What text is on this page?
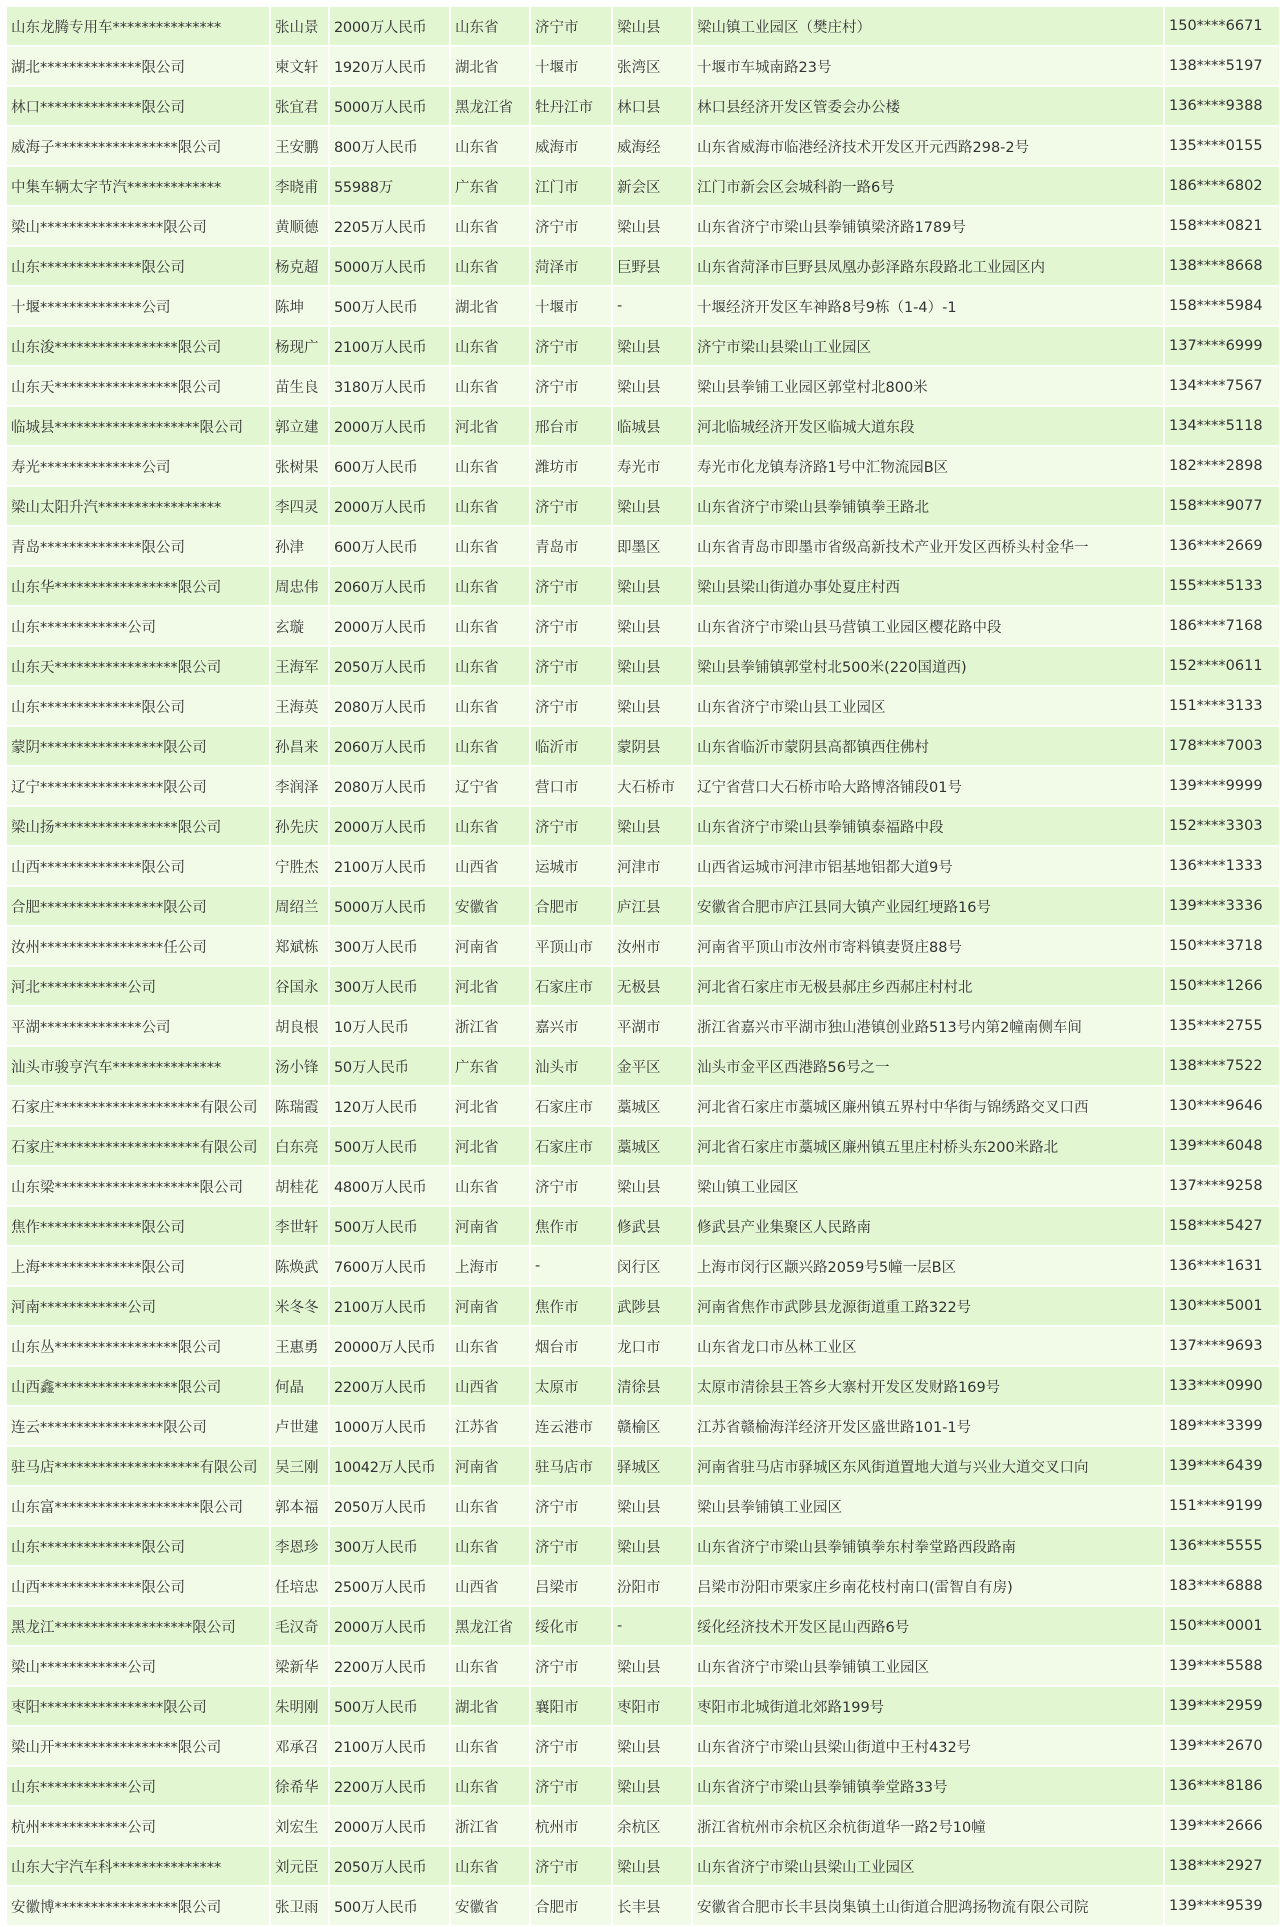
山东龙腾专用车***************	张山景	2000万人民币	山东省	济宁市	梁山县	梁山镇工业园区（樊庄村）	150****6671
湖北**************限公司	柬文轩	1920万人民币	湖北省	十堰市	张湾区	十堰市车城南路23号	138****5197
林口**************限公司	张宜君	5000万人民币	黑龙江省	牡丹江市	林口县	林口县经济开发区管委会办公楼	136****9388
威海子*****************限公司	王安鹏	800万人民币	山东省	威海市	威海经	山东省威海市临港经济技术开发区开元西路298-2号	135****0155
中集车辆太字节汽*************	李晓甫	55988万	广东省	江门市	新会区	江门市新会区会城科韵一路6号	186****6802
梁山*****************限公司	黄顺德	2205万人民币	山东省	济宁市	梁山县	山东省济宁市梁山县拳铺镇梁济路1789号	158****0821
山东**************限公司	杨克超	5000万人民币	山东省	菏泽市	巨野县	山东省菏泽市巨野县凤凰办彭泽路东段路北工业园区内	138****8668
十堰**************公司	陈坤	500万人民币	湖北省	十堰市	-	十堰经济开发区车神路8号9栋（1-4）-1	158****5984
山东浚*****************限公司	杨现广	2100万人民币	山东省	济宁市	梁山县	济宁市梁山县梁山工业园区	137****6999
山东天*****************限公司	苗生良	3180万人民币	山东省	济宁市	梁山县	梁山县拳铺工业园区郭堂村北800米	134****7567
临城县********************限公司	郭立建	2000万人民币	河北省	邢台市	临城县	河北临城经济开发区临城大道东段	134****5118
寿光**************公司	张树果	600万人民币	山东省	潍坊市	寿光市	寿光市化龙镇寿济路1号中汇物流园B区	182****2898
梁山太阳升汽*****************	李四灵	2000万人民币	山东省	济宁市	梁山县	山东省济宁市梁山县拳铺镇拳王路北	158****9077
青岛**************限公司	孙津	600万人民币	山东省	青岛市	即墨区	山东省青岛市即墨市省级高新技术产业开发区西桥头村金华一	136****2669
山东华*****************限公司	周忠伟	2060万人民币	山东省	济宁市	梁山县	梁山县梁山街道办事处夏庄村西	155****5133
山东************公司	玄璇	2000万人民币	山东省	济宁市	梁山县	山东省济宁市梁山县马营镇工业园区樱花路中段	186****7168
山东天*****************限公司	王海军	2050万人民币	山东省	济宁市	梁山县	梁山县拳铺镇郭堂村北500米(220国道西)	152****0611
山东**************限公司	王海英	2080万人民币	山东省	济宁市	梁山县	山东省济宁市梁山县工业园区	151****3133
蒙阴*****************限公司	孙昌来	2060万人民币	山东省	临沂市	蒙阴县	山东省临沂市蒙阴县高都镇西住佛村	178****7003
辽宁*****************限公司	李润泽	2080万人民币	辽宁省	营口市	大石桥市	辽宁省营口大石桥市哈大路博洛铺段01号	139****9999
梁山扬*****************限公司	孙先庆	2000万人民币	山东省	济宁市	梁山县	山东省济宁市梁山县拳铺镇泰福路中段	152****3303
山西**************限公司	宁胜杰	2100万人民币	山西省	运城市	河津市	山西省运城市河津市铝基地铝都大道9号	136****1333
合肥*****************限公司	周绍兰	5000万人民币	安徽省	合肥市	庐江县	安徽省合肥市庐江县同大镇产业园红埂路16号	139****3336
汝州*****************任公司	郑斌栋	300万人民币	河南省	平顶山市	汝州市	河南省平顶山市汝州市寄料镇妻贤庄88号	150****3718
河北************公司	谷国永	300万人民币	河北省	石家庄市	无极县	河北省石家庄市无极县郝庄乡西郝庄村村北	150****1266
平湖**************公司	胡良根	10万人民币	浙江省	嘉兴市	平湖市	浙江省嘉兴市平湖市独山港镇创业路513号内第2幢南侧车间	135****2755
汕头市骏亨汽车***************	汤小锋	50万人民币	广东省	汕头市	金平区	汕头市金平区西港路56号之一	138****7522
石家庄********************有限公司	陈瑞霞	120万人民币	河北省	石家庄市	藁城区	河北省石家庄市藁城区廉州镇五界村中华街与锦绣路交叉口西	130****9646
石家庄********************有限公司	白东亮	500万人民币	河北省	石家庄市	藁城区	河北省石家庄市藁城区廉州镇五里庄村桥头东200米路北	139****6048
山东梁********************限公司	胡桂花	4800万人民币	山东省	济宁市	梁山县	梁山镇工业园区	137****9258
焦作**************限公司	李世轩	500万人民币	河南省	焦作市	修武县	修武县产业集聚区人民路南	158****5427
上海**************限公司	陈焕武	7600万人民币	上海市	-	闵行区	上海市闵行区颛兴路2059号5幢一层B区	136****1631
河南************公司	米冬冬	2100万人民币	河南省	焦作市	武陟县	河南省焦作市武陟县龙源街道重工路322号	130****5001
山东丛*****************限公司	王惠勇	20000万人民币	山东省	烟台市	龙口市	山东省龙口市丛林工业区	137****9693
山西鑫*****************限公司	何晶	2200万人民币	山西省	太原市	清徐县	太原市清徐县王答乡大寨村开发区发财路169号	133****0990
连云*****************限公司	卢世建	1000万人民币	江苏省	连云港市	赣榆区	江苏省赣榆海洋经济开发区盛世路101-1号	189****3399
驻马店********************有限公司	吴三刚	10042万人民币	河南省	驻马店市	驿城区	河南省驻马店市驿城区东风街道置地大道与兴业大道交叉口向	139****6439
山东富********************限公司	郭本福	2050万人民币	山东省	济宁市	梁山县	梁山县拳铺镇工业园区	151****9199
山东**************限公司	李恩珍	300万人民币	山东省	济宁市	梁山县	山东省济宁市梁山县拳铺镇拳东村拳堂路西段路南	136****5555
山西**************限公司	任培忠	2500万人民币	山西省	吕梁市	汾阳市	吕梁市汾阳市栗家庄乡南花枝村南口(雷智自有房)	183****6888
黑龙江*******************限公司	毛汉奇	2000万人民币	黑龙江省	绥化市	-	绥化经济技术开发区昆山西路6号	150****0001
梁山************公司	梁新华	2200万人民币	山东省	济宁市	梁山县	山东省济宁市梁山县拳铺镇工业园区	139****5588
枣阳*****************限公司	朱明刚	500万人民币	湖北省	襄阳市	枣阳市	枣阳市北城街道北郊路199号	139****2959
梁山开*****************限公司	邓承召	2100万人民币	山东省	济宁市	梁山县	山东省济宁市梁山县梁山街道中王村432号	139****2670
山东************公司	徐希华	2200万人民币	山东省	济宁市	梁山县	山东省济宁市梁山县拳铺镇拳堂路33号	136****8186
杭州************公司	刘宏生	2000万人民币	浙江省	杭州市	余杭区	浙江省杭州市余杭区余杭街道华一路2号10幢	139****2666
山东大宇汽车科***************	刘元臣	2050万人民币	山东省	济宁市	梁山县	山东省济宁市梁山县梁山工业园区	138****2927
安徽博*****************限公司	张卫雨	500万人民币	安徽省	合肥市	长丰县	安徽省合肥市长丰县岗集镇土山街道合肥鸿扬物流有限公司院	139****9539
